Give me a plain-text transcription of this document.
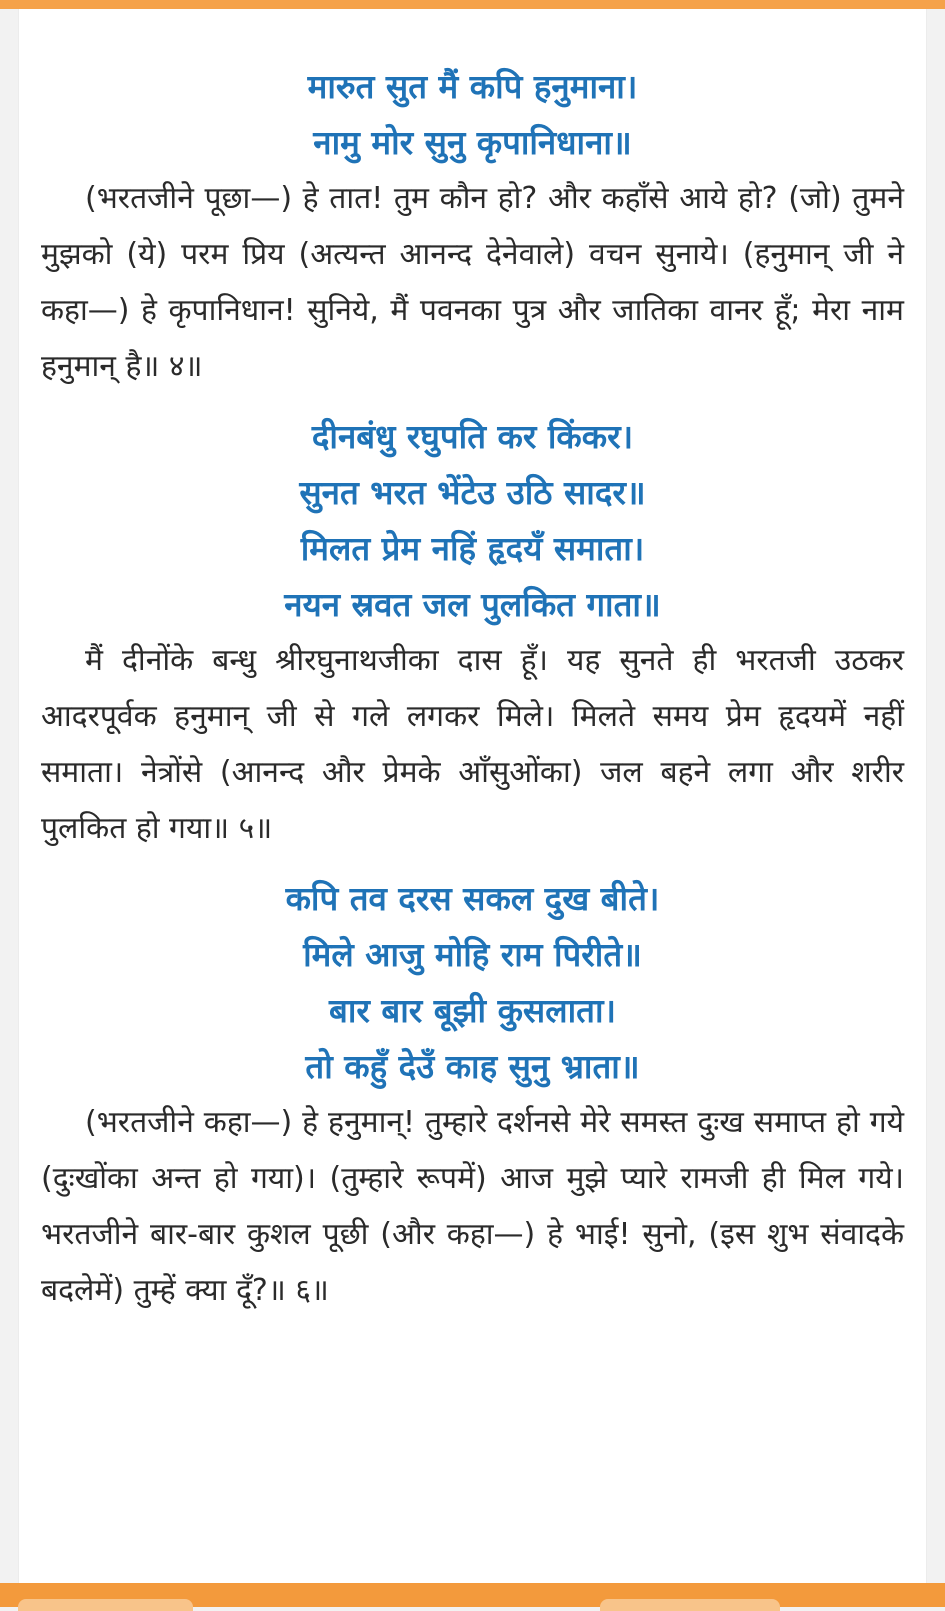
मारुत सुत मैं कपि हनुमाना।

नामु मोर सुनु कृपानिधाना॥

(भरतजीने पूछा—) हे तात! तुम कौन हो? और कहाँसे आये हो? (जो) तुमने मुझको (ये) परम प्रिय (अत्यन्त आनन्द देनेवाले) वचन सुनाये। (हनुमान् जी ने कहा—) हे कृपानिधान! सुनिये, मैं पवनका पुत्र और जातिका वानर हूँ; मेरा नाम हनुमान् है॥ ४॥

दीनबंधु रघुपति कर किंकर।

सुनत भरत भेंटेउ उठि सादर॥

मिलत प्रेम नहिं हृदयँ समाता।

नयन स्रवत जल पुलकित गाता॥

मैं दीनोंके बन्धु श्रीरघुनाथजीका दास हूँ। यह सुनते ही भरतजी उठकर आदरपूर्वक हनुमान् जी से गले लगकर मिले। मिलते समय प्रेम हृदयमें नहीं समाता। नेत्रोंसे (आनन्द और प्रेमके आँसुओंका) जल बहने लगा और शरीर पुलकित हो गया॥ ५॥

कपि तव दरस सकल दुख बीते।

मिले आजु मोहि राम पिरीते॥

बार बार बूझी कुसलाता।

तो कहुँ देउँ काह सुनु भ्राता॥

(भरतजीने कहा—) हे हनुमान्! तुम्हारे दर्शनसे मेरे समस्त दुःख समाप्त हो गये (दुःखोंका अन्त हो गया)। (तुम्हारे रूपमें) आज मुझे प्यारे रामजी ही मिल गये। भरतजीने बार-बार कुशल पूछी (और कहा—) हे भाई! सुनो, (इस शुभ संवादके बदलेमें) तुम्हें क्या दूँ?॥ ६॥
